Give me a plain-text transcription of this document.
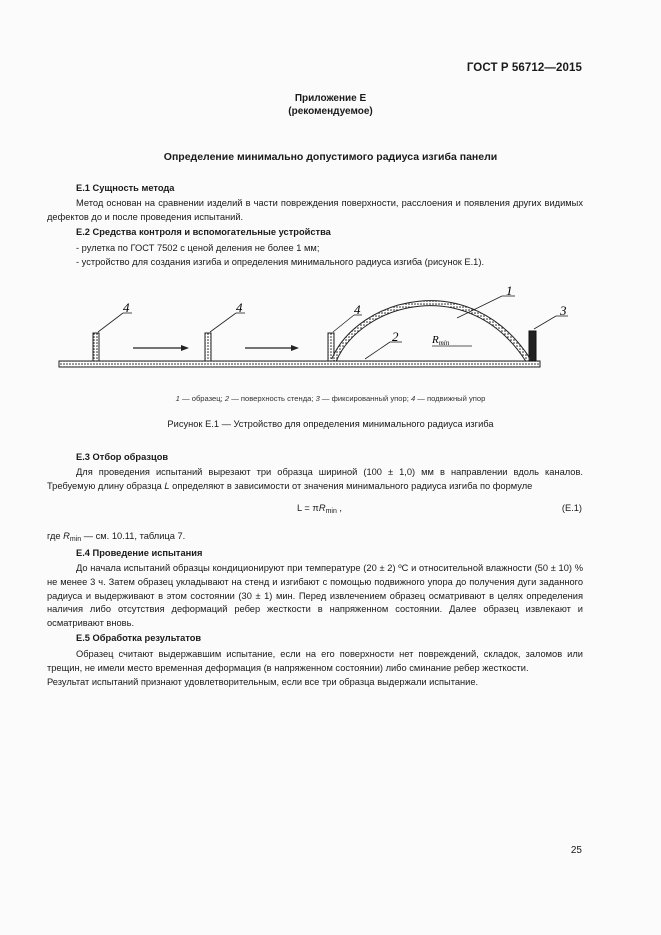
ГОСТ Р 56712—2015
Приложение Е
(рекомендуемое)
Определение минимально допустимого радиуса изгиба панели
Е.1 Сущность метода

Метод основан на сравнении изделий в части повреждения поверхности, расслоения и появления других видимых дефектов до и после проведения испытаний.

Е.2 Средства контроля и вспомогательные устройства
- рулетка по ГОСТ 7502 с ценой деления не более 1 мм;
- устройство для создания изгиба и определения минимального радиуса изгиба (рисунок Е.1).
4	4	4
1
2
3
Rmin
1 — образец; 2 — поверхность стенда; 3 — фиксированный упор; 4 — подвижный упор
Рисунок Е.1 — Устройство для определения минимального радиуса изгиба
Е.3 Отбор образцов

Для проведения испытаний вырезают три образца шириной (100 ± 1,0) мм в направлении вдоль каналов. Требуемую длину образца L определяют в зависимости от значения минимального радиуса изгиба по формуле

$L = \pi R_{min}$ ,	(Е.1)

где $R_{min}$ — см. 10.11, таблица 7.

Е.4 Проведение испытания

До начала испытаний образцы кондиционируют при температуре (20 ± 2) ºС и относительной влажности (50 ± 10) % не менее 3 ч. Затем образец укладывают на стенд и изгибают с помощью подвижного упора до получения дуги заданного радиуса и выдерживают в этом состоянии (30 ± 1) мин. Перед извлечением образец осматривают в целях определения наличия либо отсутствия деформаций ребер жесткости в напряженном состоянии. Далее образец извлекают и осматривают вновь.

Е.5 Обработка результатов

Образец считают выдержавшим испытание, если на его поверхности нет повреждений, складок, заломов или трещин, не имели место временная деформация (в напряженном состоянии) либо сминание ребер жесткости.

Результат испытаний признают удовлетворительным, если все три образца выдержали испытание.

25
